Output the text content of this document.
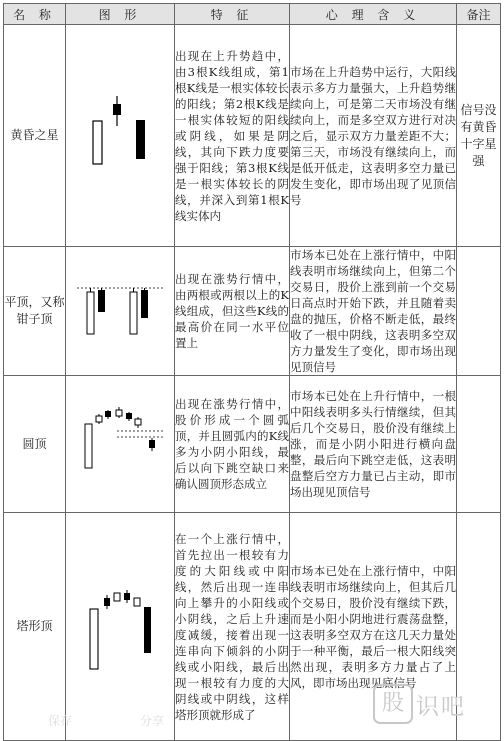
名 称	图 形	特 征	心 理 含 义	备注
黄昏之星		出现在上升势趋中，由3根K线组成，第1根K线是一根实体较长的阳线；第2根K线是一根实体较短的阳线或阴线，如果是阴线，其向下跌力度要强于阳线；第3根K线是一根实体较长的阴线，并深入到第1根K线实体内	市场在上升趋势中运行，大阳线表示多方力量强大，上升趋势继续向上，可是第二天市场没有继续向上，而是多空双方进行对决之后，显示双方力量差距不大；第三天，市场没有继续向上，而是低开低走，这表明多空力量已发生变化，即市场出现了见顶信号	信号没有黄昏十字星强
平顶，又称钳子顶		出现在涨势行情中，由两根或两根以上的K线组成，但这些K线的最高价在同一水平位置上	市场本已处在上涨行情中，中阳线表明市场继续向上，但第二个交易日，股价上涨到前一个交易日高点时开始下跌，并且随着卖盘的抛压，价格不断走低，最终收了一根中阴线，这表明多空双方力量发生了变化，即市场出现见顶信号	
圆顶		出现在涨势行情中，股价形成一个圆弧顶，并且圆弧内的K线多为小阴小阳线，最后以向下跳空缺口来确认圆顶形态成立	市场本已处在上升行情中，一根中阳线表明多头行情继续，但其后几个交易日，股价没有继续上涨，而是小阴小阳进行横向盘整，最后向下跳空走低，这表明盘整后空方力量已占主动，即市场出现见顶信号	
塔形顶		在一个上涨行情中，首先拉出一根较有力度的大阳线或中阳线，然后出现一连串向上攀升的小阳线或小阴线，之后上升速度减缓，接着出现一连串向下倾斜的小阴线或小阳线，最后出现一根较有力度的大阴线或中阴线，这样塔形顶就形成了	市场本已处在上涨行情中，中阳线表明市场继续向上，但其后几个交易日，股价没有继续下跌，而是小阳小阴地进行震荡盘整，这表明多空双方在这几天力量处于一种平衡，最后一根大阳线突然出现，表明多方力量占了上风，即市场出现见底信号	
股 识吧
保存	分享
